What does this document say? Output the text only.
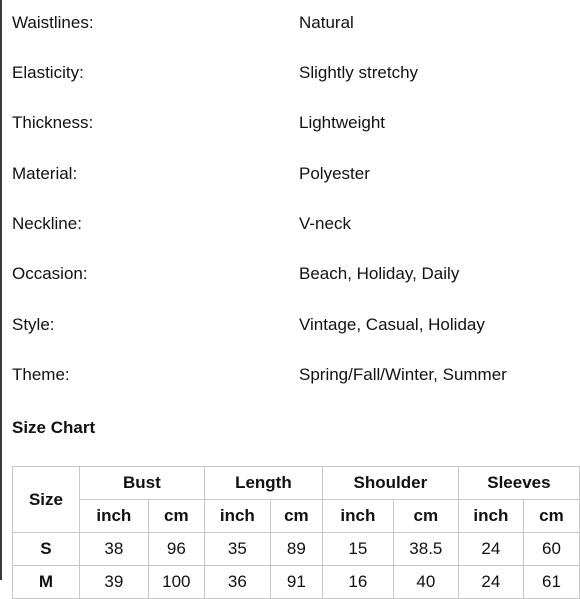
Waistlines:	Natural
Elasticity:	Slightly stretchy
Thickness:	Lightweight
Material:	Polyester
Neckline:	V-neck
Occasion:	Beach, Holiday, Daily
Style:	Vintage, Casual, Holiday
Theme:	Spring/Fall/Winter, Summer
Size Chart
Size	Bust		Length		Shoulder		Sleeves	
	inch	cm	inch	cm	inch	cm	inch	cm
S	38	96	35	89	15	38.5	24	60
M	39	100	36	91	16	40	24	61
